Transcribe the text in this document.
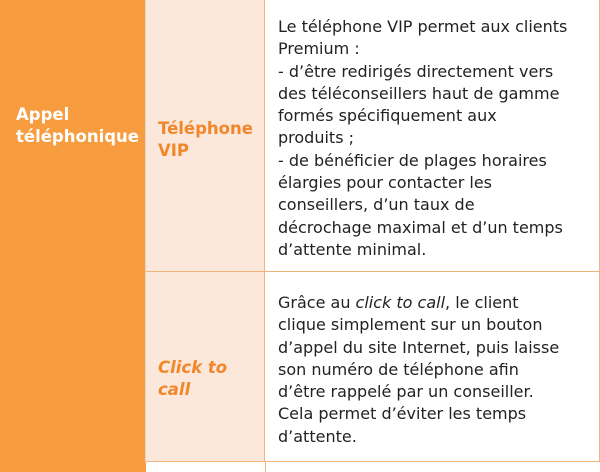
Appel
téléphonique Téléphone
VIP
Le téléphone VIP permet aux clients
Premium :
- d’être redirigés directement vers
des téléconseillers haut de gamme
formés spécifiquement aux
produits ;
- de bénéficier de plages horaires
élargies pour contacter les
conseillers, d’un taux de
décrochage maximal et d’un temps
d’attente minimal.
Click to
call
Grâce au click to call, le client
clique simplement sur un bouton
d’appel du site Internet, puis laisse
son numéro de téléphone afin
d’être rappelé par un conseiller.
Cela permet d’éviter les temps
d’attente.
